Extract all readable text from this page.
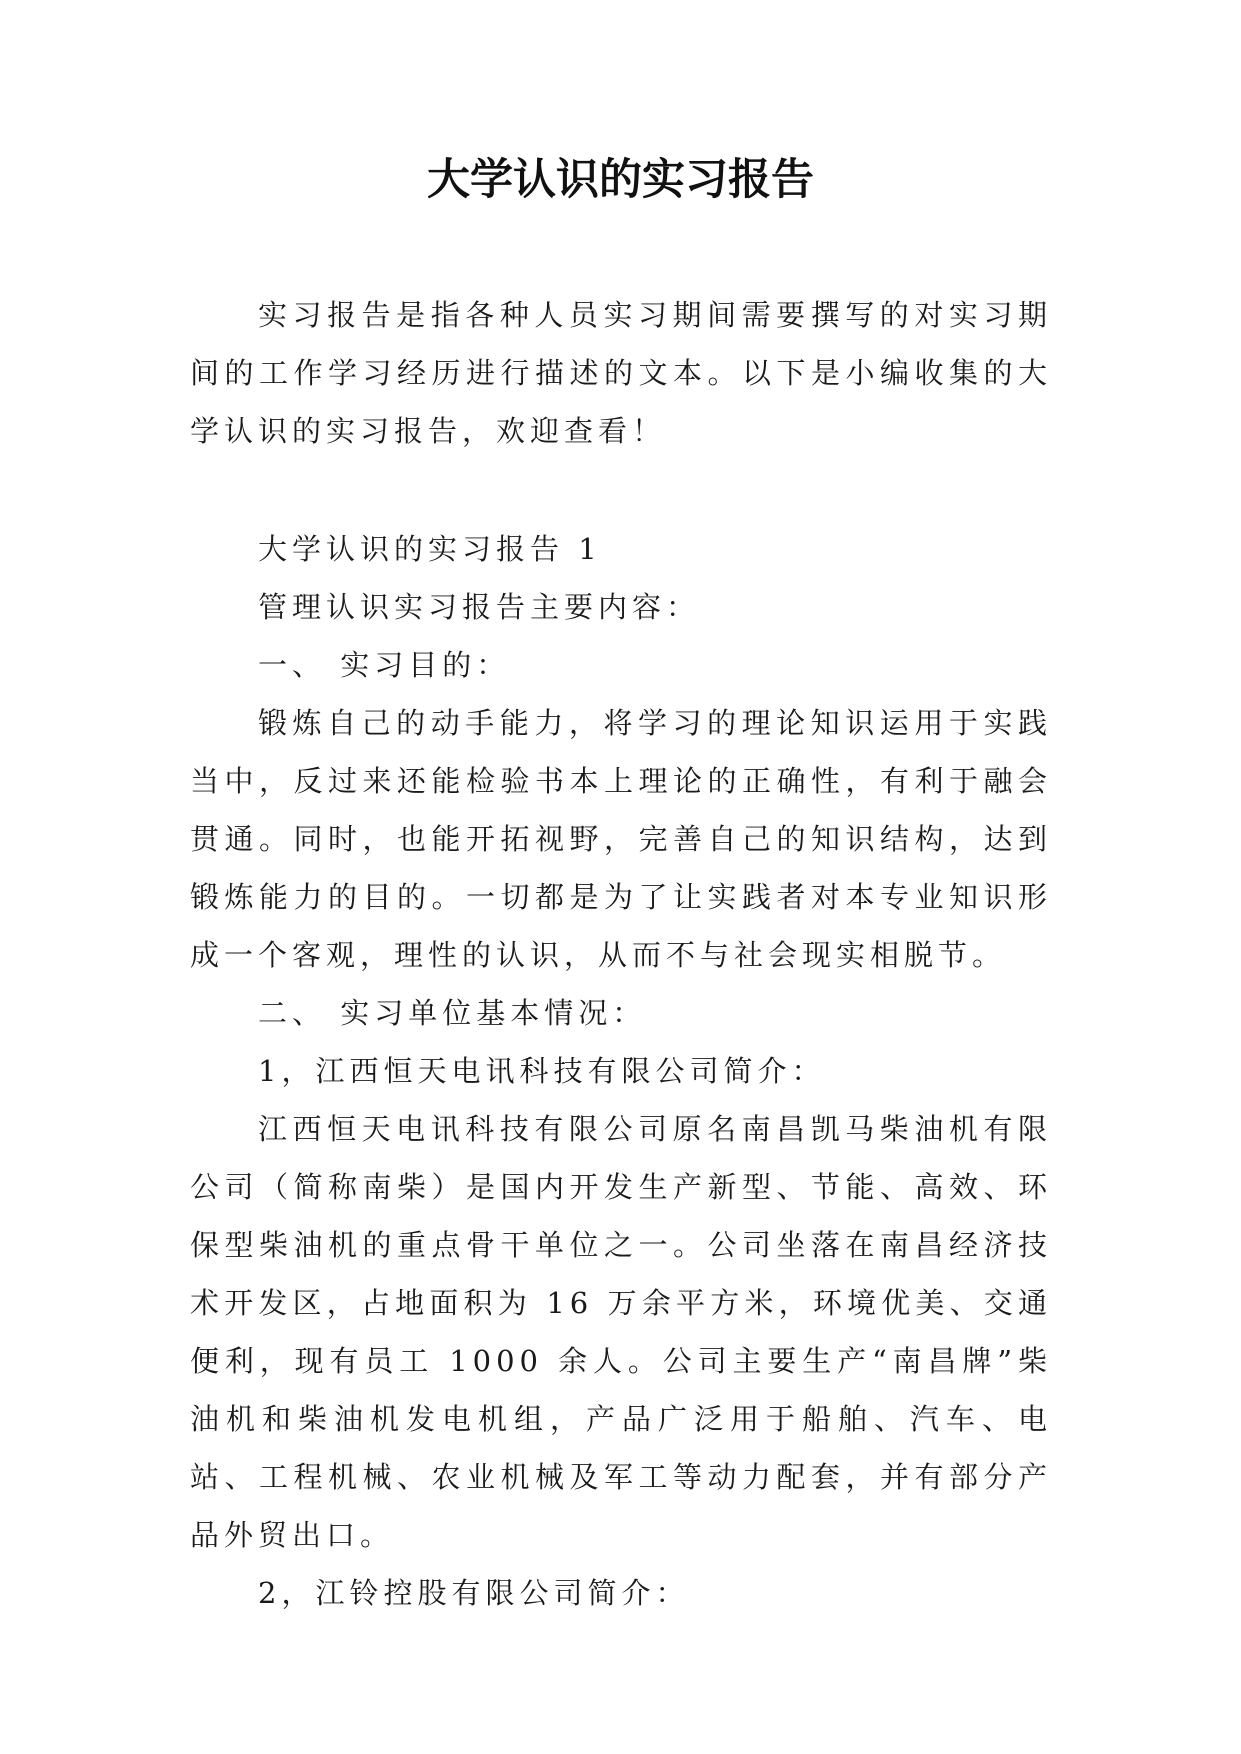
大学认识的实习报告

实习报告是指各种人员实习期间需要撰写的对实习期间的工作学习经历进行描述的文本。以下是小编收集的大学认识的实习报告，欢迎查看！

大学认识的实习报告 1

管理认识实习报告主要内容：

一、 实习目的：

锻炼自己的动手能力，将学习的理论知识运用于实践当中，反过来还能检验书本上理论的正确性，有利于融会贯通。同时，也能开拓视野，完善自己的知识结构，达到锻炼能力的目的。一切都是为了让实践者对本专业知识形成一个客观，理性的认识，从而不与社会现实相脱节。

二、 实习单位基本情况：

1，江西恒天电讯科技有限公司简介：

江西恒天电讯科技有限公司原名南昌凯马柴油机有限公司（简称南柴）是国内开发生产新型、节能、高效、环保型柴油机的重点骨干单位之一。公司坐落在南昌经济技术开发区，占地面积为 16 万余平方米，环境优美、交通便利，现有员工 1000 余人。公司主要生产“南昌牌”柴油机和柴油机发电机组，产品广泛用于船舶、汽车、电站、工程机械、农业机械及军工等动力配套，并有部分产品外贸出口。

2，江铃控股有限公司简介：
